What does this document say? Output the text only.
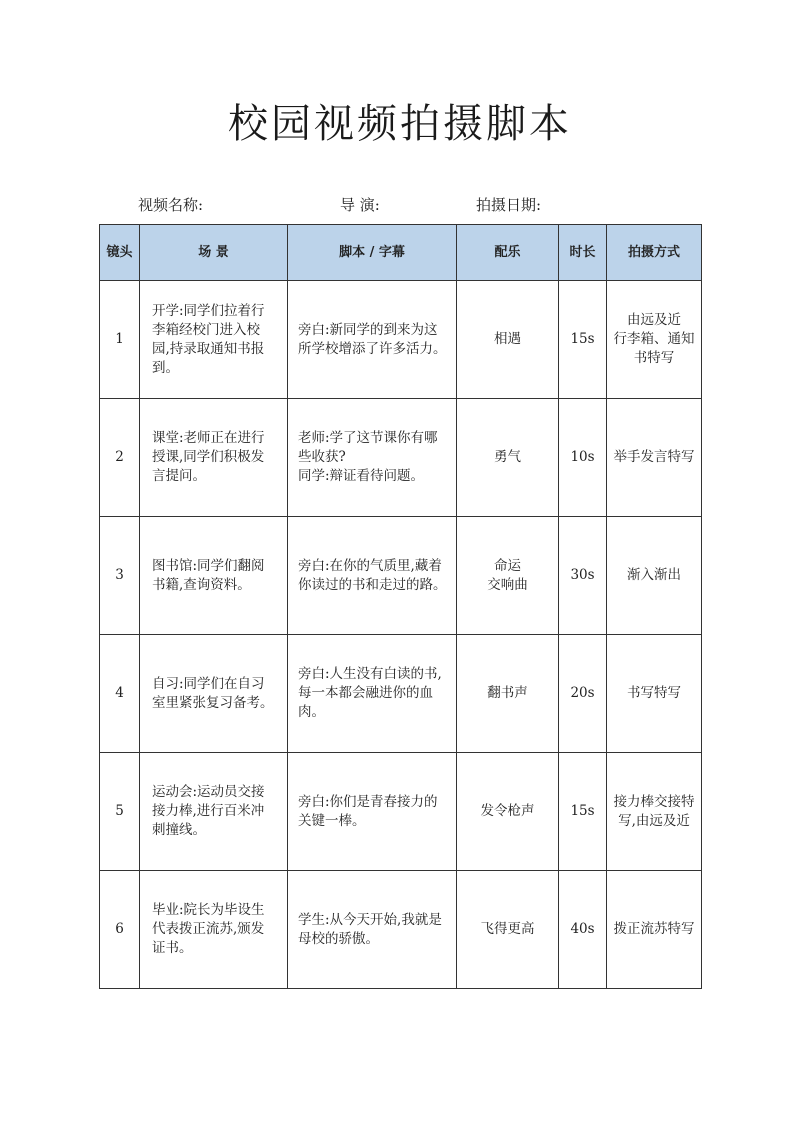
校园视频拍摄脚本
视频名称:	导 演:	拍摄日期:
镜头	场 景	脚本 / 字幕	配乐	时长	拍摄方式
1	开学:同学们拉着行李箱经校门进入校园,持录取通知书报到。	旁白:新同学的到来为这所学校增添了许多活力。	相遇	15s	由远及近
行李箱、通知书特写

2	课堂:老师正在进行授课,同学们积极发言提问。	老师:学了这节课你有哪些收获?
同学:辩证看待问题。	勇气	10s	举手发言特写

3	图书馆:同学们翻阅书籍,查询资料。	旁白:在你的气质里,藏着你读过的书和走过的路。	命运
交响曲	30s	渐入渐出

4	自习:同学们在自习室里紧张复习备考。	旁白:人生没有白读的书,每一本都会融进你的血肉。	翻书声	20s	书写特写

5	运动会:运动员交接接力棒,进行百米冲刺撞线。	旁白:你们是青春接力的关键一棒。	发令枪声	15s	接力棒交接特写,由远及近

6	毕业:院长为毕设生代表拨正流苏,颁发证书。	学生:从今天开始,我就是母校的骄傲。	飞得更高	40s	拨正流苏特写
